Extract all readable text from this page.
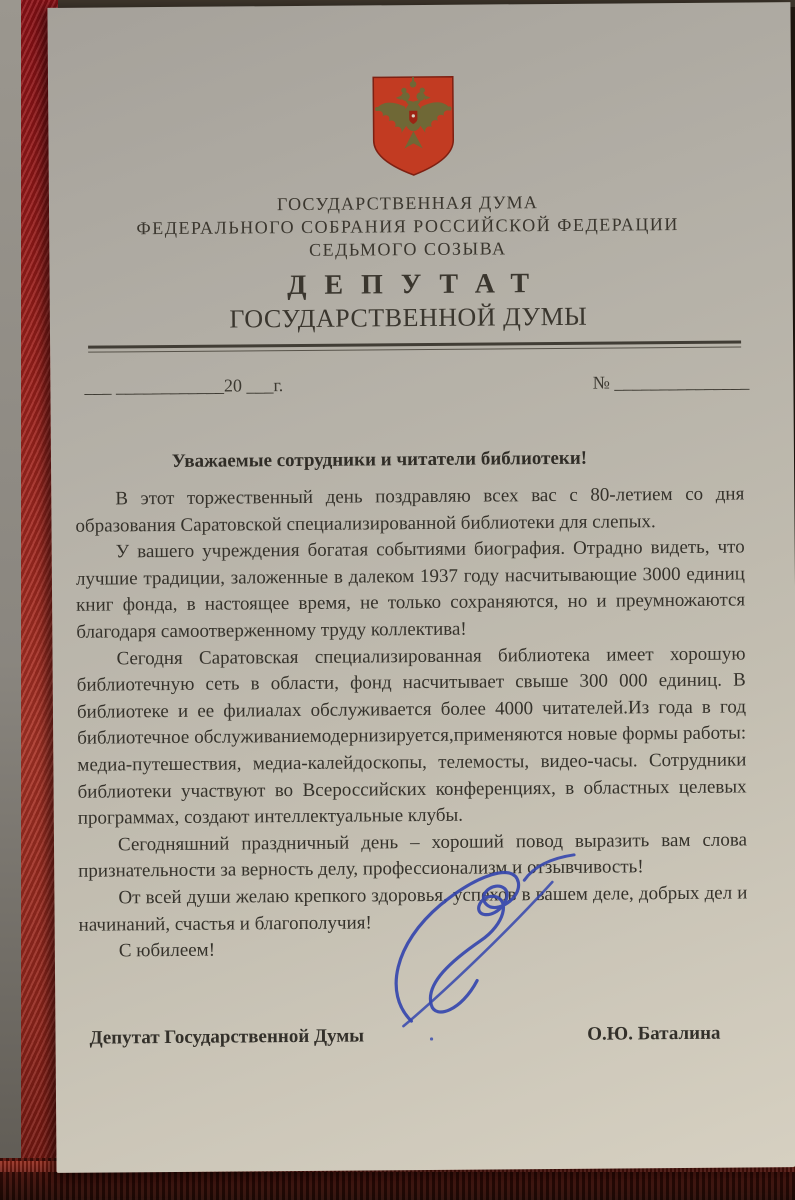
ГОСУДАРСТВЕННАЯ ДУМА
ФЕДЕРАЛЬНОГО СОБРАНИЯ РОССИЙСКОЙ ФЕДЕРАЦИИ
СЕДЬМОГО СОЗЫВА
ДЕПУТАТ
ГОСУДАРСТВЕННОЙ ДУМЫ
___ ____________20 ___г.	№ _______________
Уважаемые сотрудники и читатели библиотеки!

В этот торжественный день поздравляю всех вас с 80-летием со дня образования Саратовской специализированной библиотеки для слепых.

У вашего учреждения богатая событиями биография. Отрадно видеть, что лучшие традиции, заложенные в далеком 1937 году насчитывающие 3000 единиц книг фонда, в настоящее время, не только сохраняются, но и преумножаются благодаря самоотверженному труду коллектива!

Сегодня Саратовская специализированная библиотека имеет хорошую библиотечную сеть в области, фонд насчитывает свыше 300 000 единиц. В библиотеке и ее филиалах обслуживается более 4000 читателей.Из года в год библиотечное обслуживаниемодернизируется,применяются новые формы работы: медиа-путешествия, медиа-калейдоскопы, телемосты, видео-часы. Сотрудники библиотеки участвуют во Всероссийских конференциях, в областных целевых программах, создают интеллектуальные клубы.

Сегодняшний праздничный день – хороший повод выразить вам слова признательности за верность делу, профессионализм и отзывчивость!

От всей души желаю крепкого здоровья, успехов в вашем деле, добрых дел и начинаний, счастья и благополучия!

С юбилеем!

Депутат Государственной Думы	О.Ю. Баталина
